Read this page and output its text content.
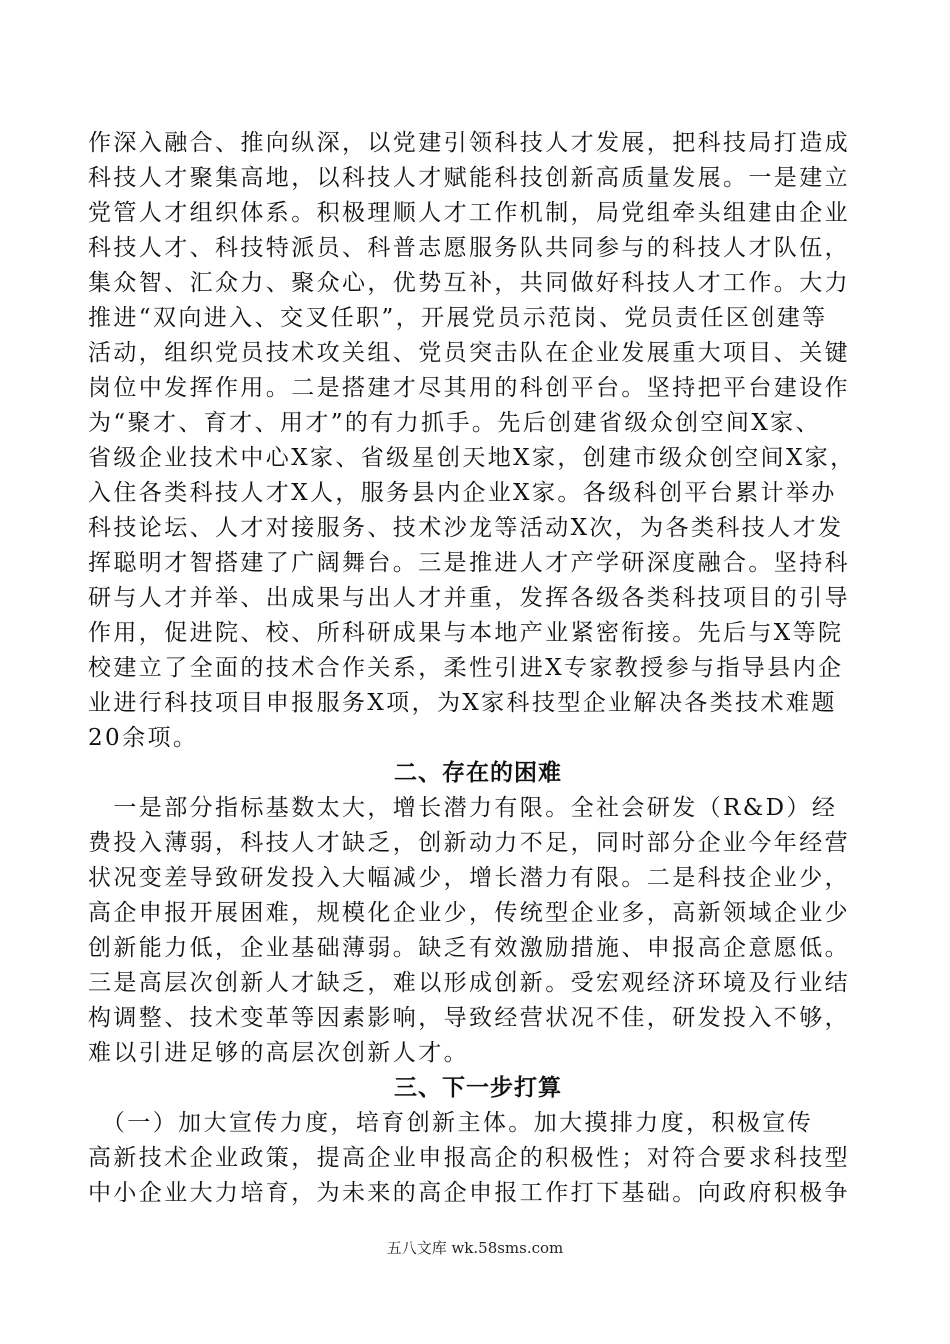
作深入融合、推向纵深，以党建引领科技人才发展，把科技局打造成
科技人才聚集高地，以科技人才赋能科技创新高质量发展。一是建立
党管人才组织体系。积极理顺人才工作机制，局党组牵头组建由企业
科技人才、科技特派员、科普志愿服务队共同参与的科技人才队伍，
集众智、汇众力、聚众心，优势互补，共同做好科技人才工作。大力
推进“双向进入、交叉任职”，开展党员示范岗、党员责任区创建等
活动，组织党员技术攻关组、党员突击队在企业发展重大项目、关键
岗位中发挥作用。二是搭建才尽其用的科创平台。坚持把平台建设作
为“聚才、育才、用才”的有力抓手。先后创建省级众创空间X家、
省级企业技术中心X家、省级星创天地X家，创建市级众创空间X家，
入住各类科技人才X人，服务县内企业X家。各级科创平台累计举办
科技论坛、人才对接服务、技术沙龙等活动X次，为各类科技人才发
挥聪明才智搭建了广阔舞台。三是推进人才产学研深度融合。坚持科
研与人才并举、出成果与出人才并重，发挥各级各类科技项目的引导
作用，促进院、校、所科研成果与本地产业紧密衔接。先后与X等院
校建立了全面的技术合作关系，柔性引进X专家教授参与指导县内企
业进行科技项目申报服务X项，为X家科技型企业解决各类技术难题
20余项。
二、存在的困难
　一是部分指标基数太大，增长潜力有限。全社会研发（R&D）经
费投入薄弱，科技人才缺乏，创新动力不足，同时部分企业今年经营
状况变差导致研发投入大幅减少，增长潜力有限。二是科技企业少，
高企申报开展困难，规模化企业少，传统型企业多，高新领域企业少
创新能力低，企业基础薄弱。缺乏有效激励措施、申报高企意愿低。
三是高层次创新人才缺乏，难以形成创新。受宏观经济环境及行业结
构调整、技术变革等因素影响，导致经营状况不佳，研发投入不够，
难以引进足够的高层次创新人才。
三、下一步打算
　（一）加大宣传力度，培育创新主体。加大摸排力度，积极宣传
高新技术企业政策，提高企业申报高企的积极性；对符合要求科技型
中小企业大力培育，为未来的高企申报工作打下基础。向政府积极争
五八文库 wk.58sms.com
